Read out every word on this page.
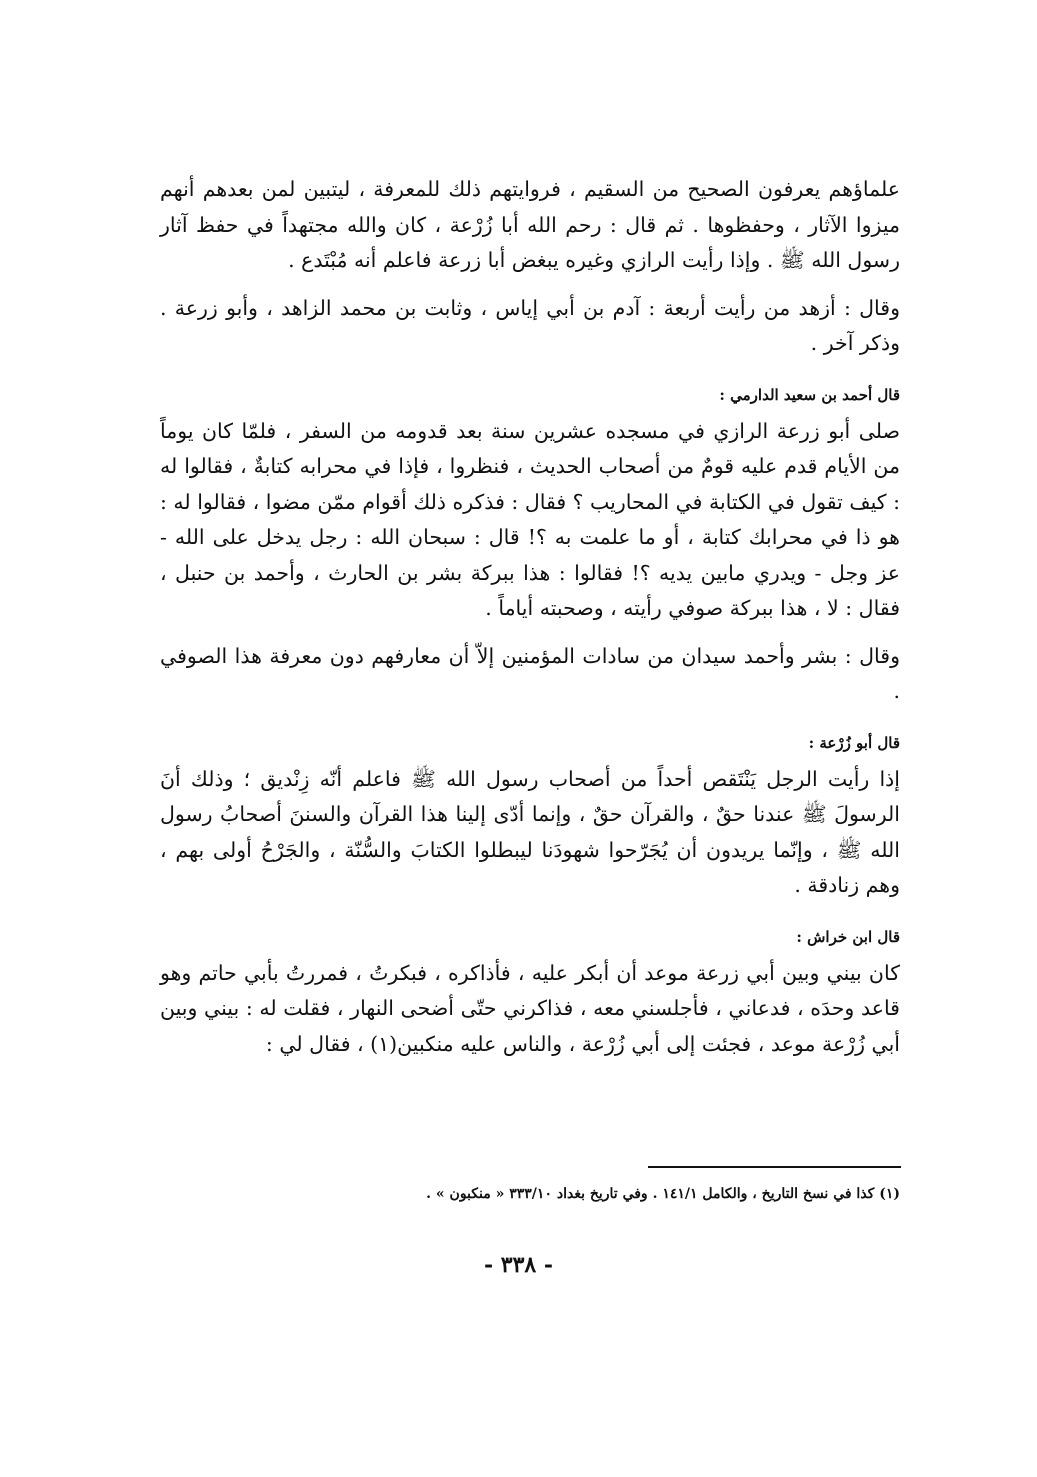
علماؤهم يعرفون الصحيح من السقيم ، فروايتهم ذلك للمعرفة ، ليتبين لمن بعدهم أنهم ميزوا الآثار ، وحفظوها . ثم قال : رحم الله أبا زُرْعة ، كان والله مجتهداً في حفظ آثار رسول الله ﷺ . وإذا رأيت الرازي وغيره يبغض أبا زرعة فاعلم أنه مُبْتَدع .

وقال : أزهد من رأيت أربعة : آدم بن أبي إياس ، وثابت بن محمد الزاهد ، وأبو زرعة . وذكر آخر .

قال أحمد بن سعيد الدارمي :

صلى أبو زرعة الرازي في مسجده عشرين سنة بعد قدومه من السفر ، فلمّا كان يوماً من الأيام قدم عليه قومٌ من أصحاب الحديث ، فنظروا ، فإذا في محرابه كتابةٌ ، فقالوا له : كيف تقول في الكتابة في المحاريب ؟ فقال : فذكره ذلك أقوام ممّن مضوا ، فقالوا له : هو ذا في محرابك كتابة ، أو ما علمت به ؟! قال : سبحان الله : رجل يدخل على الله - عز وجل - ويدري مابين يديه ؟! فقالوا : هذا ببركة بشر بن الحارث ، وأحمد بن حنبل ، فقال : لا ، هذا ببركة صوفي رأيته ، وصحبته أياماً .

وقال : بشر وأحمد سيدان من سادات المؤمنين إلاّ أن معارفهم دون معرفة هذا الصوفي .

قال أبو زُرْعة :

إذا رأيت الرجل يَنْتَقص أحداً من أصحاب رسول الله ﷺ فاعلم أنّه زِنْديق ؛ وذلك أنَ الرسولَ ﷺ عندنا حقٌ ، والقرآن حقٌ ، وإنما أدّى إلينا هذا القرآن والسننَ أصحابُ رسول الله ﷺ ، وإنّما يريدون أن يُجَرّحوا شهودَنا ليبطلوا الكتابَ والسُّنّة ، والجَرْحُ أولى بهم ، وهم زنادقة .

قال ابن خراش :

كان بيني وبين أبي زرعة موعد أن أبكر عليه ، فأذاكره ، فبكرتُ ، فمررتُ بأبي حاتم وهو قاعد وحدَه ، فدعاني ، فأجلسني معه ، فذاكرني حتّى أضحى النهار ، فقلت له : بيني وبين أبي زُرْعة موعد ، فجئت إلى أبي زُرْعة ، والناس عليه منكبين(١) ، فقال لي :

(١) كذا في نسخ التاريخ ، والكامل ١٤١/١ . وفي تاريخ بغداد ٣٣٣/١٠ « منكبون » .
- ٣٣٨ -
